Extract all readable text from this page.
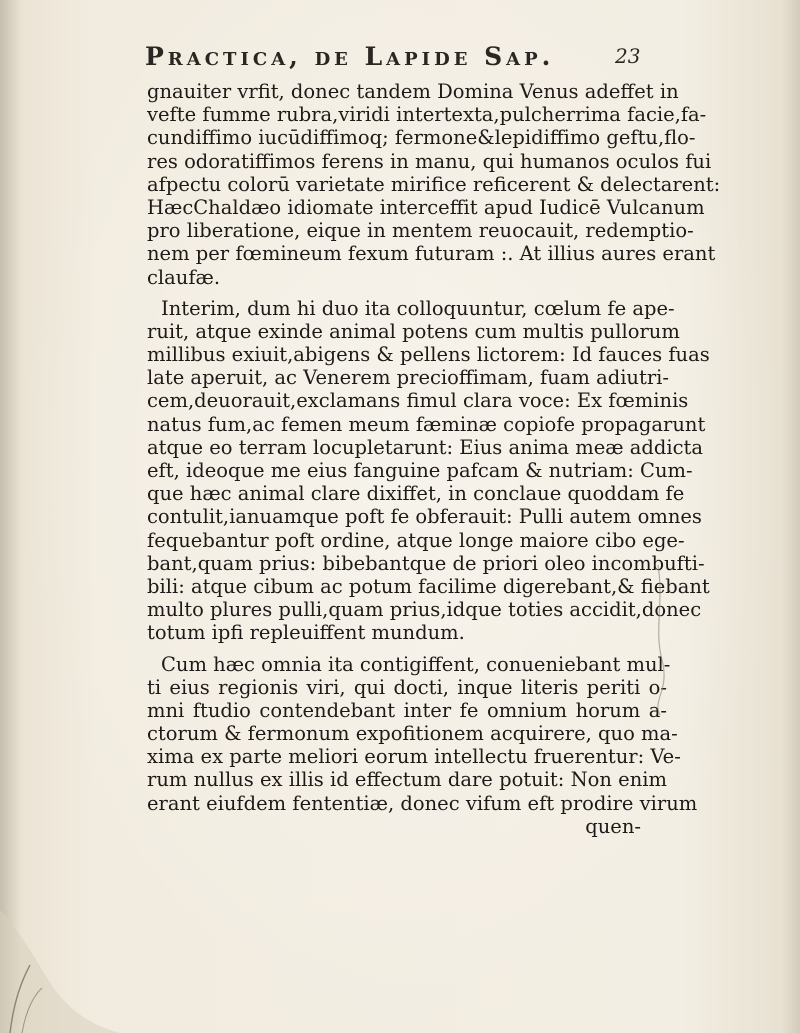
Practica, de Lapide Sap.	23
gnauiter vrfit, donec tandem Domina Venus adeffet in
vefte fumme rubra,viridi intertexta,pulcherrima facie,fa-
cundiffimo iucūdiffimoq; fermone&lepidiffimo geftu,flo-
res odoratiffimos ferens in manu, qui humanos oculos fui
afpectu colorū varietate mirifice reficerent & delectarent:
HæcChaldæo idiomate interceffit apud Iudicē Vulcanum
pro liberatione, eique in mentem reuocauit, redemptio-
nem per fœmineum fexum futuram :. At illius aures erant
claufæ.
Interim, dum hi duo ita colloquuntur, cœlum fe ape-
ruit, atque exinde animal potens cum multis pullorum
millibus exiuit,abigens & pellens lictorem: Id fauces fuas
late aperuit, ac Venerem precioffimam, fuam adiutri-
cem,deuorauit,exclamans fimul clara voce: Ex fœminis
natus fum,ac femen meum fæminæ copiofe propagarunt
atque eo terram locupletarunt: Eius anima meæ addicta
eft, ideoque me eius fanguine pafcam & nutriam: Cum-
que hæc animal clare dixiffet, in conclaue quoddam fe
contulit,ianuamque poft fe obferauit: Pulli autem omnes
fequebantur poft ordine, atque longe maiore cibo ege-
bant,quam prius: bibebantque de priori oleo incombufti-
bili: atque cibum ac potum facilime digerebant,& fiebant
multo plures pulli,quam prius,idque toties accidit,donec
totum ipfi repleuiffent mundum.
Cum hæc omnia ita contigiffent, conueniebant mul-
ti eius regionis viri, qui docti, inque literis periti o-
mni ftudio contendebant inter fe omnium horum a-
ctorum & fermonum expofitionem acquirere, quo ma-
xima ex parte meliori eorum intellectu fruerentur: Ve-
rum nullus ex illis id effectum dare potuit: Non enim
erant eiufdem fententiæ, donec vifum eft prodire virum
quen-
